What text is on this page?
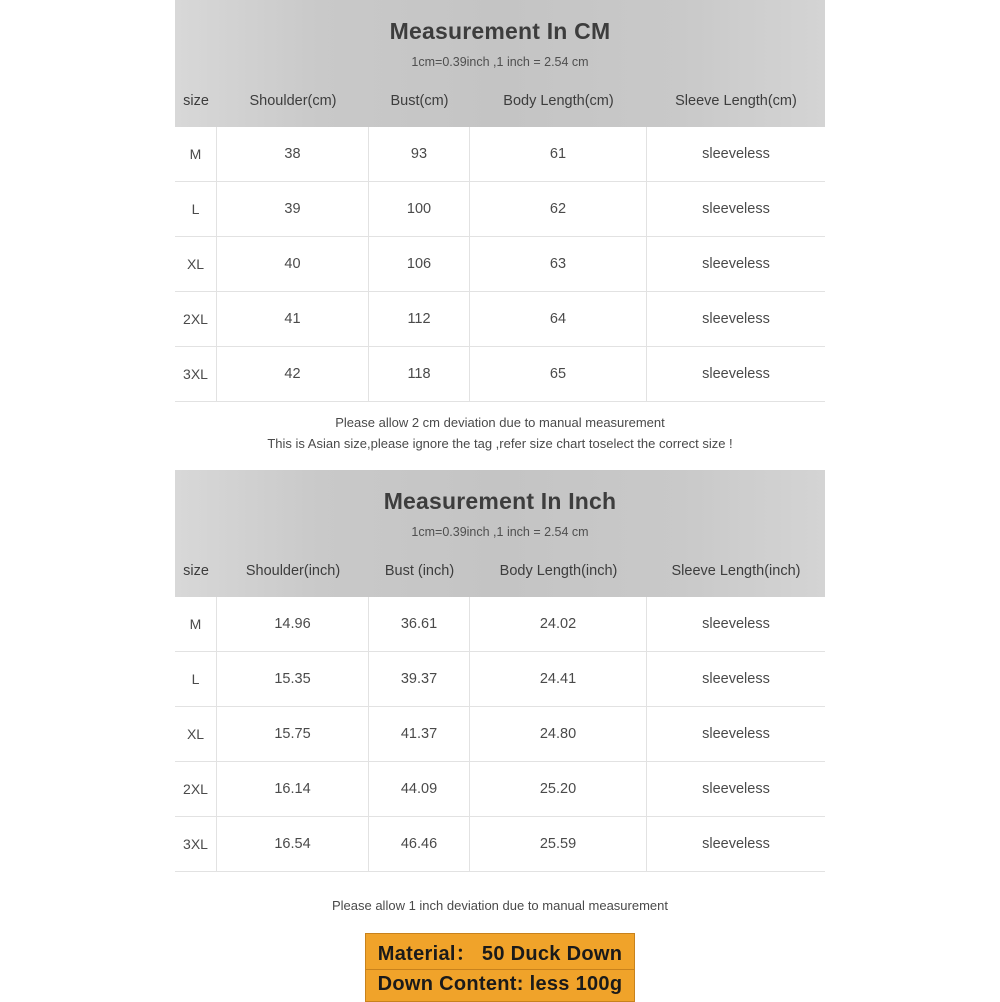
Measurement In CM
1cm=0.39inch ,1 inch = 2.54 cm
size	Shoulder(cm)	Bust(cm)	Body Length(cm)	Sleeve Length(cm)
M	38	93	61	sleeveless
L	39	100	62	sleeveless
XL	40	106	63	sleeveless
2XL	41	112	64	sleeveless
3XL	42	118	65	sleeveless
Please allow 2 cm deviation due to manual measurement
This is Asian size,please ignore the tag ,refer size chart toselect the correct size !
Measurement In Inch
1cm=0.39inch ,1 inch = 2.54 cm
size	Shoulder(inch)	Bust (inch)	Body Length(inch)	Sleeve Length(inch)
M	14.96	36.61	24.02	sleeveless
L	15.35	39.37	24.41	sleeveless
XL	15.75	41.37	24.80	sleeveless
2XL	16.14	44.09	25.20	sleeveless
3XL	16.54	46.46	25.59	sleeveless
Please allow 1 inch deviation due to manual measurement
Material： 50 Duck Down
Down Content: less 100g
